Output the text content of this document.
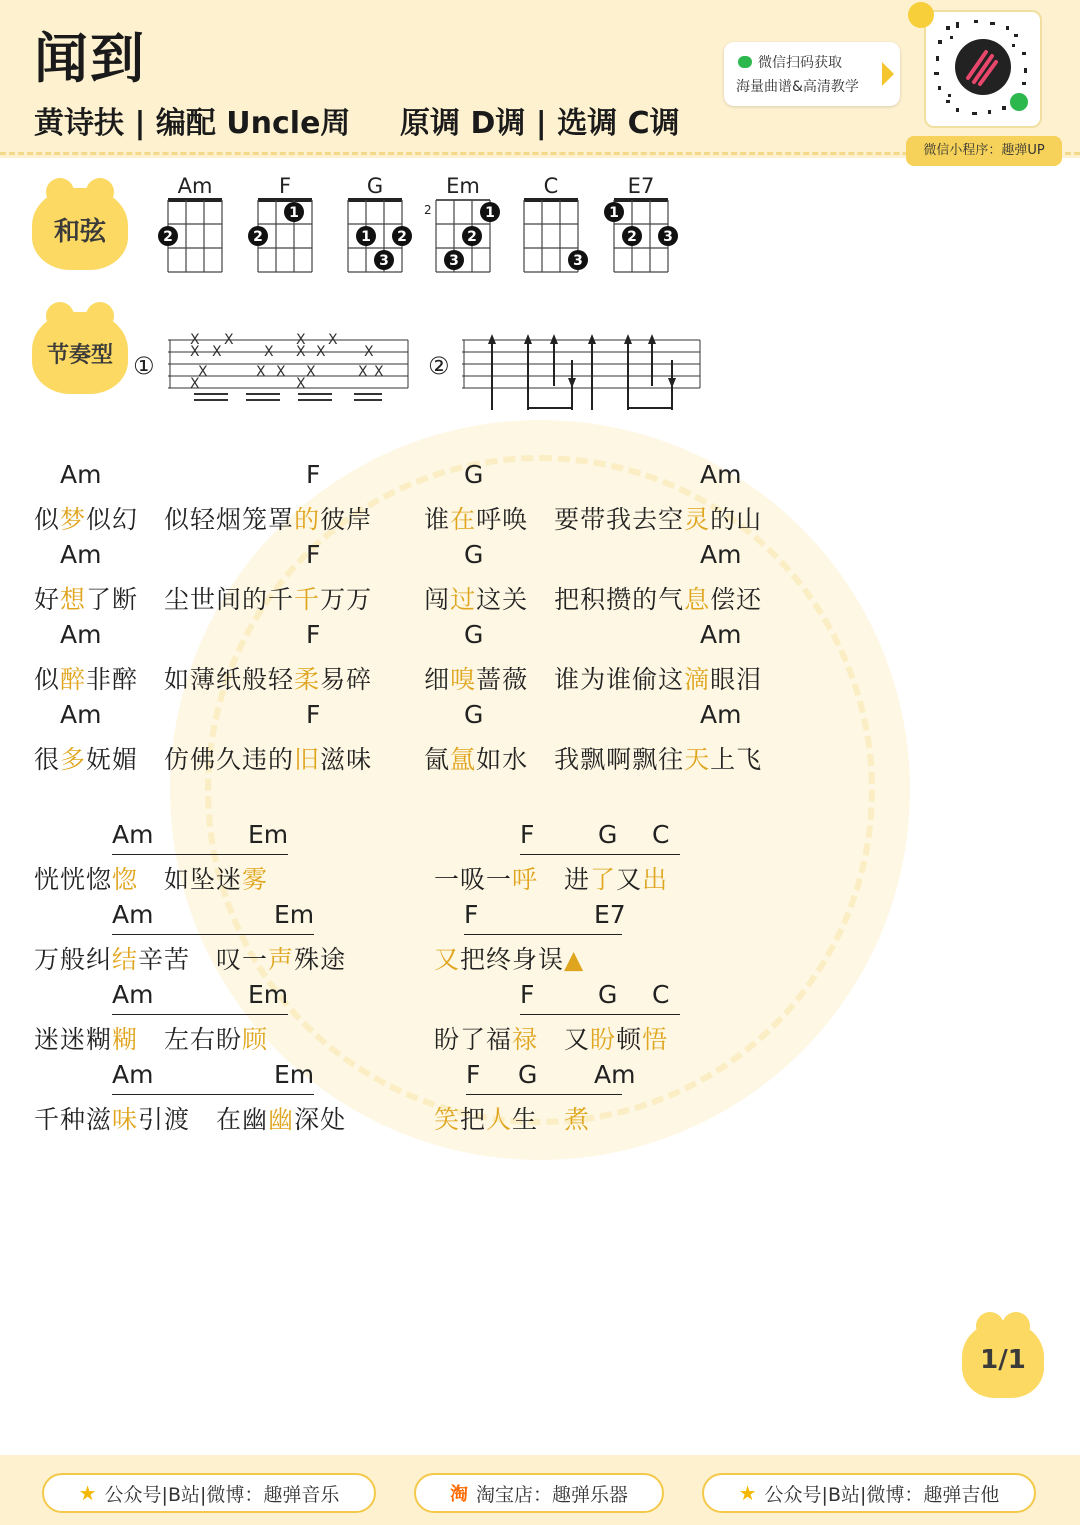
闻到
黄诗扶 | 编配 Uncle周 原调 D调 | 选调 C调
微信扫码获取
海量曲谱&高清教学
微信小程序：趣弹UP
和弦
Am
2
F
2
1
G
1 2
3
Em
2	1
2
3
C
3
E7
1
2 3
节奏型 ①
X X	X X
X X	X X X	X
X	X X X	X X
X	X
②
Am	F	G	Am
似梦似幻　似轻烟笼罩的彼岸　　谁在呼唤　要带我去空灵的山
Am	F	G	Am
好想了断　尘世间的千千万万　　闯过这关　把积攒的气息偿还
Am	F	G	Am
似醉非醉　如薄纸般轻柔易碎　　细嗅蔷薇　谁为谁偷这滴眼泪
Am	F	G	Am
很多妩媚　仿佛久违的旧滋味　　氤氲如水　我飘啊飘往天上飞
Am	Em
恍恍惚惚　如坠迷雾
F	G C
一吸一呼　进了又出
Am	Em
万般纠结辛苦　叹一声殊途
F	E7
又把终身误▲
Am	Em
迷迷糊糊　左右盼顾
F	G C
盼了福禄　又盼顿悟
Am	Em
千种滋味引渡　在幽幽深处
F G Am
笑把人生　煮
1/1
★ 公众号|B站|微博：趣弹音乐	淘 淘宝店：趣弹乐器	★ 公众号|B站|微博：趣弹吉他
